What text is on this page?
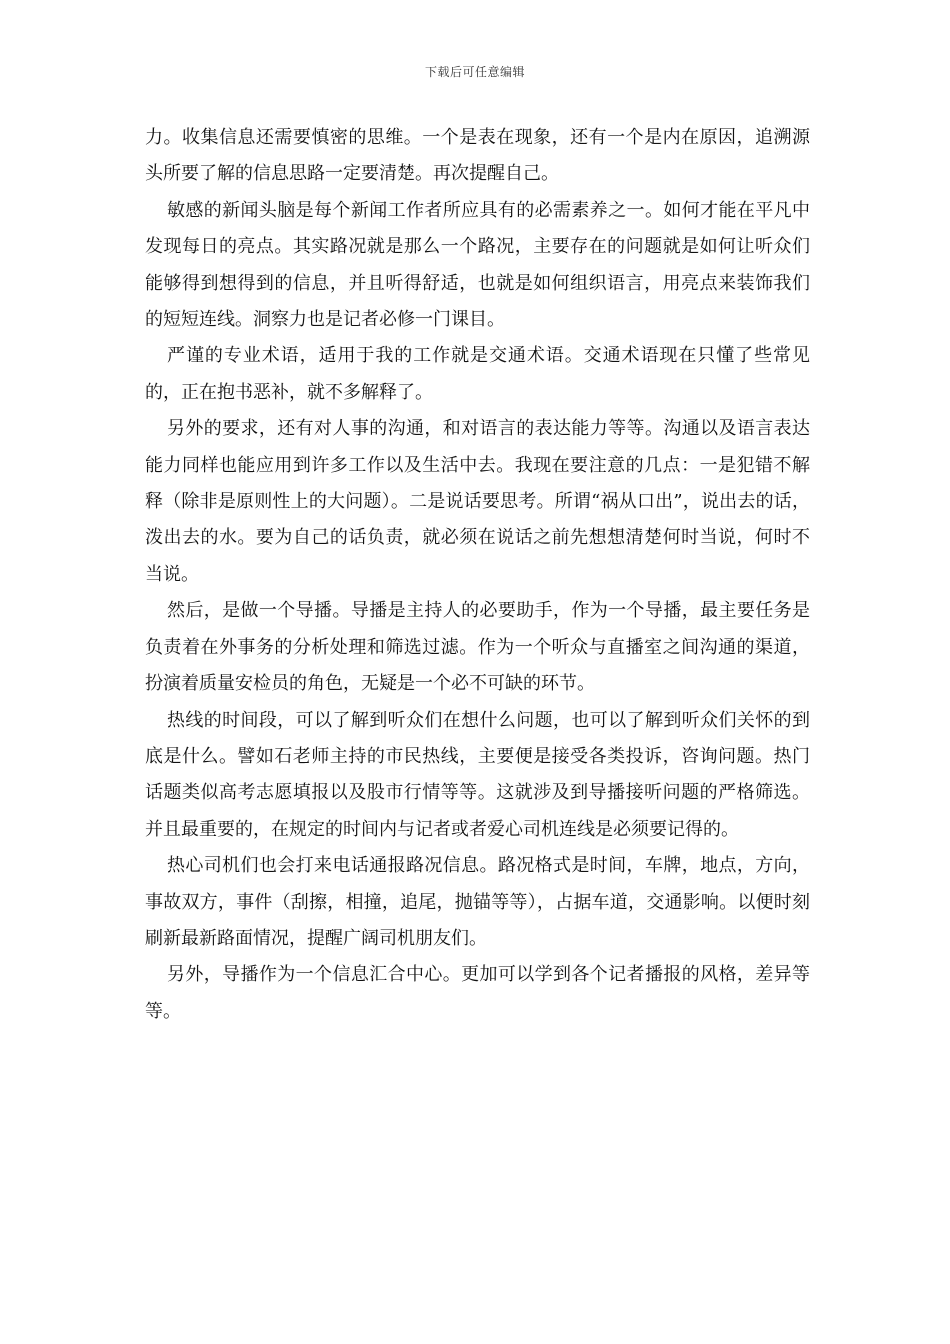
下载后可任意编辑

力。收集信息还需要慎密的思维。一个是表在现象，还有一个是内在原因，追溯源头所要了解的信息思路一定要清楚。再次提醒自己。

敏感的新闻头脑是每个新闻工作者所应具有的必需素养之一。如何才能在平凡中发现每日的亮点。其实路况就是那么一个路况，主要存在的问题就是如何让听众们能够得到想得到的信息，并且听得舒适，也就是如何组织语言，用亮点来装饰我们的短短连线。洞察力也是记者必修一门课目。

严谨的专业术语，适用于我的工作就是交通术语。交通术语现在只懂了些常见的，正在抱书恶补，就不多解释了。

另外的要求，还有对人事的沟通，和对语言的表达能力等等。沟通以及语言表达能力同样也能应用到许多工作以及生活中去。我现在要注意的几点：一是犯错不解释（除非是原则性上的大问题）。二是说话要思考。所谓“祸从口出”，说出去的话，泼出去的水。要为自己的话负责，就必须在说话之前先想想清楚何时当说，何时不当说。

然后，是做一个导播。导播是主持人的必要助手，作为一个导播，最主要任务是负责着在外事务的分析处理和筛选过滤。作为一个听众与直播室之间沟通的渠道，扮演着质量安检员的角色，无疑是一个必不可缺的环节。

热线的时间段，可以了解到听众们在想什么问题，也可以了解到听众们关怀的到底是什么。譬如石老师主持的市民热线，主要便是接受各类投诉，咨询问题。热门话题类似高考志愿填报以及股市行情等等。这就涉及到导播接听问题的严格筛选。并且最重要的，在规定的时间内与记者或者爱心司机连线是必须要记得的。

热心司机们也会打来电话通报路况信息。路况格式是时间，车牌，地点，方向，事故双方，事件（刮擦，相撞，追尾，抛锚等等），占据车道，交通影响。以便时刻刷新最新路面情况，提醒广阔司机朋友们。

另外，导播作为一个信息汇合中心。更加可以学到各个记者播报的风格，差异等等。
